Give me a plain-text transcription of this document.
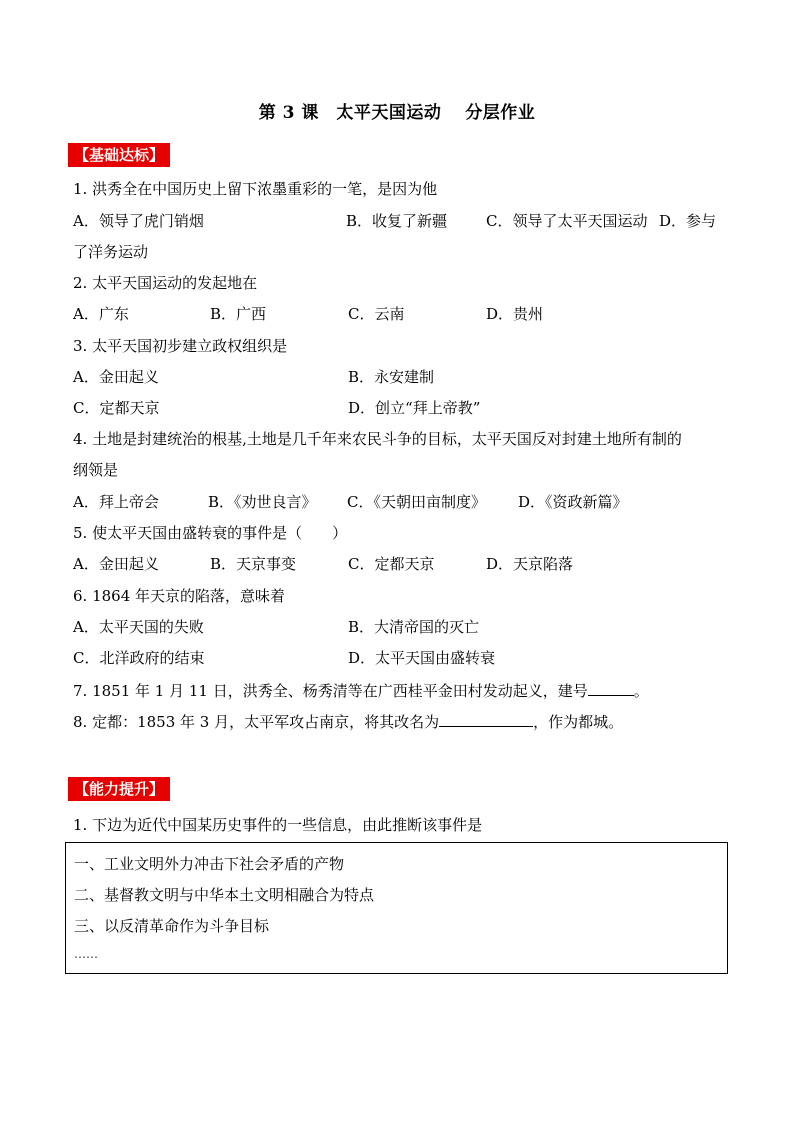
第 3 课　太平天国运动　 分层作业
【基础达标】
1. 洪秀全在中国历史上留下浓墨重彩的一笔，是因为他
A．领导了虎门销烟	B．收复了新疆	C．领导了太平天国运动 D．参与
了洋务运动
2. 太平天国运动的发起地在
A．广东	B．广西	C．云南	D．贵州
3. 太平天国初步建立政权组织是
A．金田起义	B．永安建制
C．定都天京	D．创立“拜上帝教”
4. 土地是封建统治的根基,土地是几千年来农民斗争的目标，太平天国反对封建土地所有制的
纲领是
A．拜上帝会	B．《劝世良言》 C．《天朝田亩制度》 D．《资政新篇》
5. 使太平天国由盛转衰的事件是（　　）
A．金田起义	B．天京事变	C．定都天京	D．天京陷落
6. 1864 年天京的陷落，意味着
A．太平天国的失败	B．大清帝国的灭亡
C．北洋政府的结束	D．太平天国由盛转衰
7. 1851 年 1 月 11 日，洪秀全、杨秀清等在广西桂平金田村发动起义，建号	。
8. 定都：1853 年 3 月，太平军攻占南京，将其改名为	，作为都城。
【能力提升】
1. 下边为近代中国某历史事件的一些信息，由此推断该事件是
一、工业文明外力冲击下社会矛盾的产物
二、基督教文明与中华本土文明相融合为特点
三、以反清革命作为斗争目标
……
